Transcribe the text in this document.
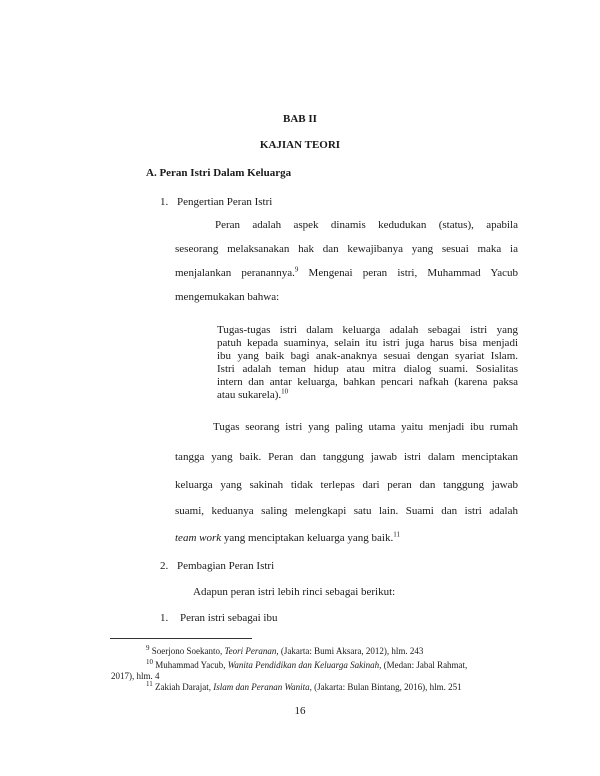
BAB II
KAJIAN TEORI
A. Peran Istri Dalam Keluarga
1. Pengertian Peran Istri
Peran adalah aspek dinamis kedudukan (status), apabila
seseorang melaksanakan hak dan kewajibanya yang sesuai maka ia
menjalankan peranannya.$^9$ Mengenai peran istri, Muhammad Yacub
mengemukakan bahwa:
Tugas-tugas istri dalam keluarga adalah sebagai istri yang
patuh kepada suaminya, selain itu istri juga harus bisa menjadi
ibu yang baik bagi anak-anaknya sesuai dengan syariat Islam.
Istri adalah teman hidup atau mitra dialog suami. Sosialitas
intern dan antar keluarga, bahkan pencari nafkah (karena paksa
atau sukarela).$^{10}$
Tugas seorang istri yang paling utama yaitu menjadi ibu rumah
tangga yang baik. Peran dan tanggung jawab istri dalam menciptakan
keluarga yang sakinah tidak terlepas dari peran dan tanggung jawab
suami, keduanya saling melengkapi satu lain. Suami dan istri adalah
team work yang menciptakan keluarga yang baik.$^{11}$
2. Pembagian Peran Istri
Adapun peran istri lebih rinci sebagai berikut:
1. Peran istri sebagai ibu
$^9$ Soerjono Soekanto, Teori Peranan, (Jakarta: Bumi Aksara, 2012), hlm. 243
$^{10}$ Muhammad Yacub, Wanita Pendidikan dan Keluarga Sakinah, (Medan: Jabal Rahmat,
2017), hlm. 4
$^{11}$ Zakiah Darajat, Islam dan Peranan Wanita, (Jakarta: Bulan Bintang, 2016), hlm. 251
16
